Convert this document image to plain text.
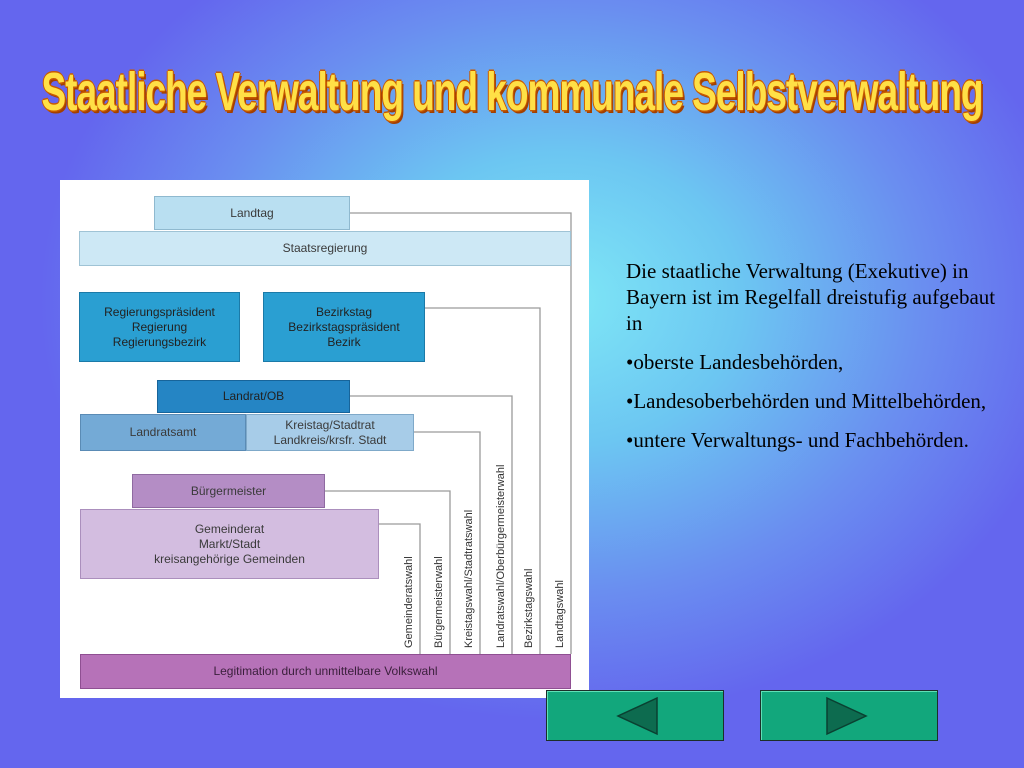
Staatliche Verwaltung und kommunale Selbstverwaltung
Landtag
Staatsregierung
Regierungspräsident
Regierung
Regierungsbezirk
Bezirkstag
Bezirkstagspräsident
Bezirk
Landrat/OB
Landratsamt
Kreistag/Stadtrat
Landkreis/krsfr. Stadt
Bürgermeister
Gemeinderat
Markt/Stadt
kreisangehörige Gemeinden
Legitimation durch unmittelbare Volkswahl
Gemeinderatswahl Bürgermeisterwahl Kreistagswahl/Stadtratswahl Landratswahl/Oberbürgermeisterwahl Bezirkstagswahl Landtagswahl

Die staatliche Verwaltung (Exekutive) in Bayern ist im Regelfall dreistufig aufgebaut in

•oberste Landesbehörden,

•Landesoberbehörden und Mittelbehörden,

•untere Verwaltungs- und Fachbehörden.
